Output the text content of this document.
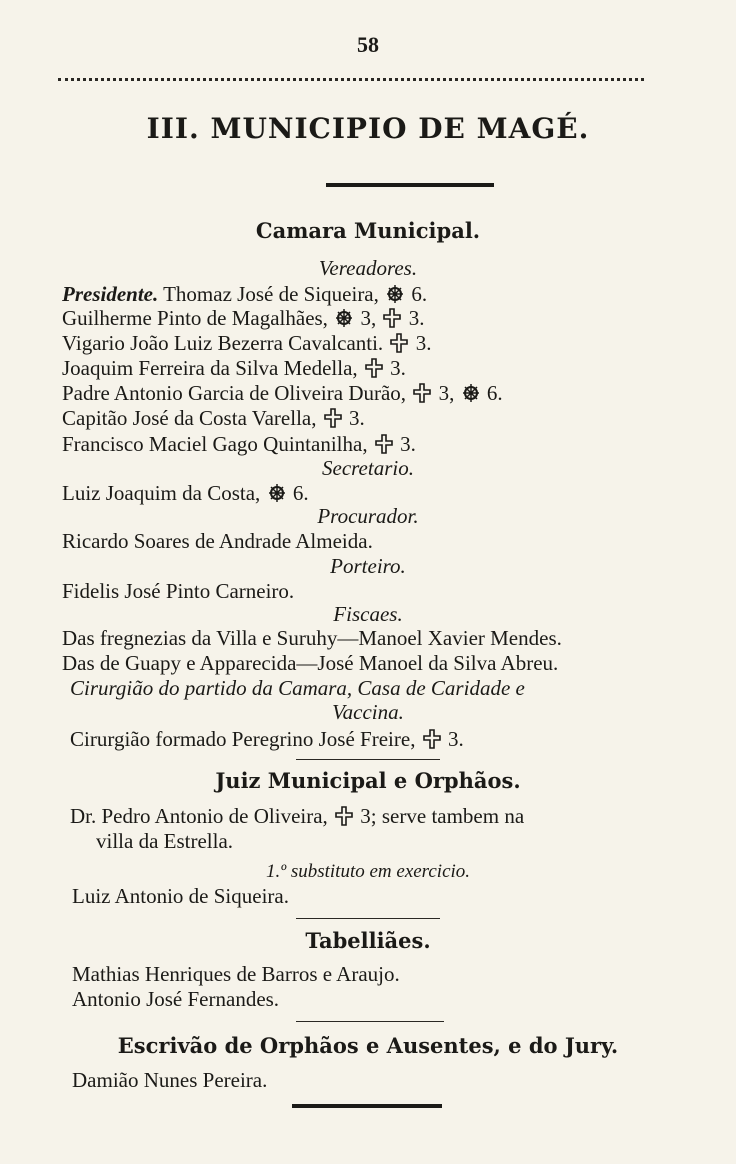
58
III. MUNICIPIO DE MAGÉ.
Camara Municipal.
Vereadores.
Presidente. Thomaz José de Siqueira, 6.
Guilherme Pinto de Magalhães, 3, 3.
Vigario João Luiz Bezerra Cavalcanti. 3.
Joaquim Ferreira da Silva Medella, 3.
Padre Antonio Garcia de Oliveira Durão, 3, 6.
Capitão José da Costa Varella, 3.
Francisco Maciel Gago Quintanilha, 3.
Secretario.
Luiz Joaquim da Costa, 6.
Procurador.
Ricardo Soares de Andrade Almeida.
Porteiro.
Fidelis José Pinto Carneiro.
Fiscaes.
Das fregnezias da Villa e Suruhy—Manoel Xavier Mendes.
Das de Guapy e Apparecida—José Manoel da Silva Abreu.
Cirurgião do partido da Camara, Casa de Caridade e
Vaccina.
Cirurgião formado Peregrino José Freire, 3.
Juiz Municipal e Orphãos.
Dr. Pedro Antonio de Oliveira, 3; serve tambem na
villa da Estrella.
1.º substituto em exercicio.
Luiz Antonio de Siqueira.
Tabelliães.
Mathias Henriques de Barros e Araujo.
Antonio José Fernandes.
Escrivão de Orphãos e Ausentes, e do Jury.
Damião Nunes Pereira.
